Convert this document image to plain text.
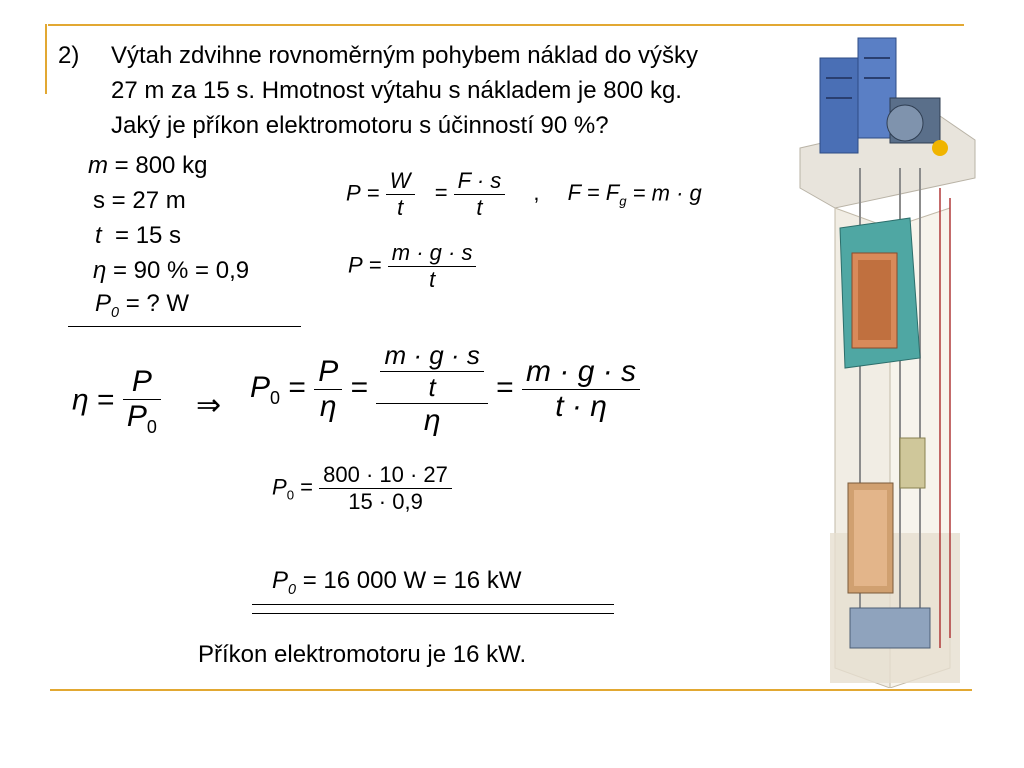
2) Výtah zdvihne rovnoměrným pohybem náklad do výšky
27 m za 15 s. Hmotnost výtahu s nákladem je 800 kg.
Jaký je příkon elektromotoru s účinností 90 %?
m = 800 kg
s = 27 m
t  = 15 s
η = 90 % = 0,9
$P_0$ = ? W
$P = \frac{W}{t} = \frac{F \cdot s}{t}$ , $F = F_g = m \cdot g$
$P = \frac{m \cdot g \cdot s}{t}$
$\eta = \frac{P}{P_0}$ ⇒
$P_0 = \frac{P}{\eta} = \frac{\frac{m \cdot g \cdot s}{t}}{\eta} = \frac{m \cdot g \cdot s}{t \cdot \eta}$
$P_0 = \frac{800 \cdot 10 \cdot 27}{15 \cdot 0,9}$
$P_0 = 16$ 000 W = 16 kW
Příkon elektromotoru je 16 kW.
